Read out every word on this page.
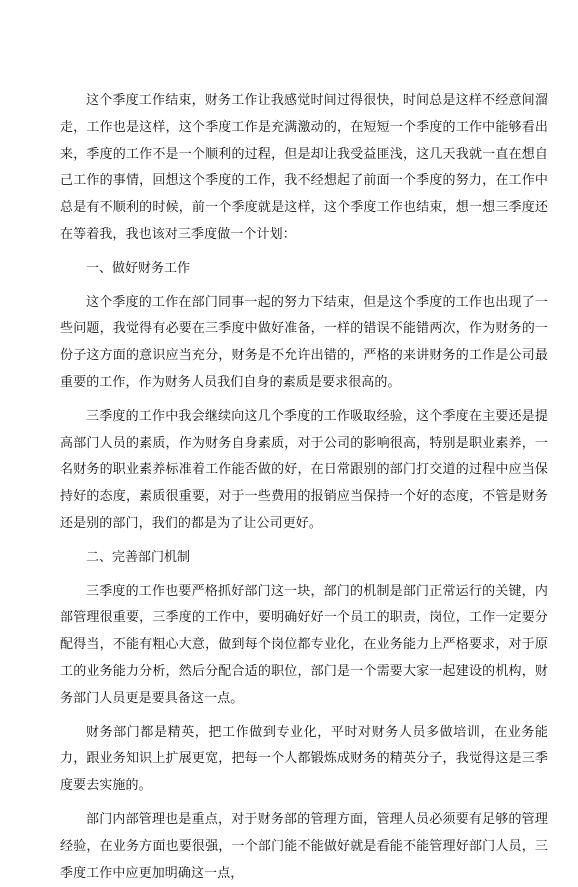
这个季度工作结束，财务工作让我感觉时间过得很快，时间总是这样不经意间溜走，工作也是这样，这个季度工作是充满激动的，在短短一个季度的工作中能够看出来，季度的工作不是一个顺利的过程，但是却让我受益匪浅，这几天我就一直在想自己工作的事情，回想这个季度的工作，我不经想起了前面一个季度的努力，在工作中总是有不顺利的时候，前一个季度就是这样，这个季度工作也结束，想一想三季度还在等着我，我也该对三季度做一个计划：

一、做好财务工作

这个季度的工作在部门同事一起的努力下结束，但是这个季度的工作也出现了一些问题，我觉得有必要在三季度中做好准备，一样的错误不能错两次，作为财务的一份子这方面的意识应当充分，财务是不允许出错的，严格的来讲财务的工作是公司最重要的工作，作为财务人员我们自身的素质是要求很高的。

三季度的工作中我会继续向这几个季度的工作吸取经验，这个季度在主要还是提高部门人员的素质，作为财务自身素质，对于公司的影响很高，特别是职业素养，一名财务的职业素养标准着工作能否做的好，在日常跟别的部门打交道的过程中应当保持好的态度，素质很重要，对于一些费用的报销应当保持一个好的态度，不管是财务还是别的部门，我们的都是为了让公司更好。

二、完善部门机制

三季度的工作也要严格抓好部门这一块，部门的机制是部门正常运行的关键，内部管理很重要，三季度的工作中，要明确好好一个员工的职责，岗位，工作一定要分配得当，不能有粗心大意，做到每个岗位都专业化，在业务能力上严格要求，对于原工的业务能力分析，然后分配合适的职位，部门是一个需要大家一起建设的机构，财务部门人员更是要具备这一点。

财务部门都是精英，把工作做到专业化，平时对财务人员多做培训，在业务能力，跟业务知识上扩展更宽，把每一个人都锻炼成财务的精英分子，我觉得这是三季度要去实施的。

部门内部管理也是重点，对于财务部的管理方面，管理人员必须要有足够的管理经验，在业务方面也要很强，一个部门能不能做好就是看能不能管理好部门人员，三季度工作中应更加明确这一点，
